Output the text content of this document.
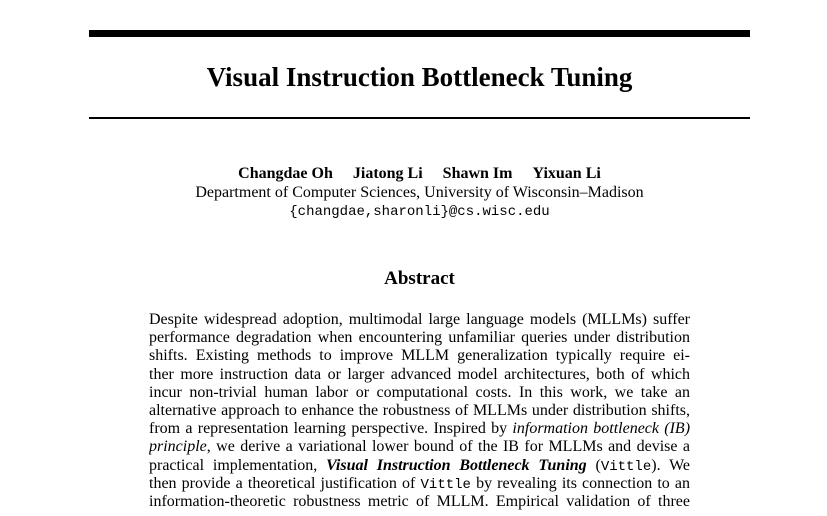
Visual Instruction Bottleneck Tuning
Changdae Oh Jiatong Li Shawn Im Yixuan Li
Department of Computer Sciences, University of Wisconsin–Madison
{changdae,sharonli}@cs.wisc.edu
Abstract
Despite widespread adoption, multimodal large language models (MLLMs) suffer
performance degradation when encountering unfamiliar queries under distribution
shifts. Existing methods to improve MLLM generalization typically require ei-
ther more instruction data or larger advanced model architectures, both of which
incur non-trivial human labor or computational costs. In this work, we take an
alternative approach to enhance the robustness of MLLMs under distribution shifts,
from a representation learning perspective. Inspired by information bottleneck (IB)
principle, we derive a variational lower bound of the IB for MLLMs and devise a
practical implementation, Visual Instruction Bottleneck Tuning (Vittle). We
then provide a theoretical justification of Vittle by revealing its connection to an
information-theoretic robustness metric of MLLM. Empirical validation of three
